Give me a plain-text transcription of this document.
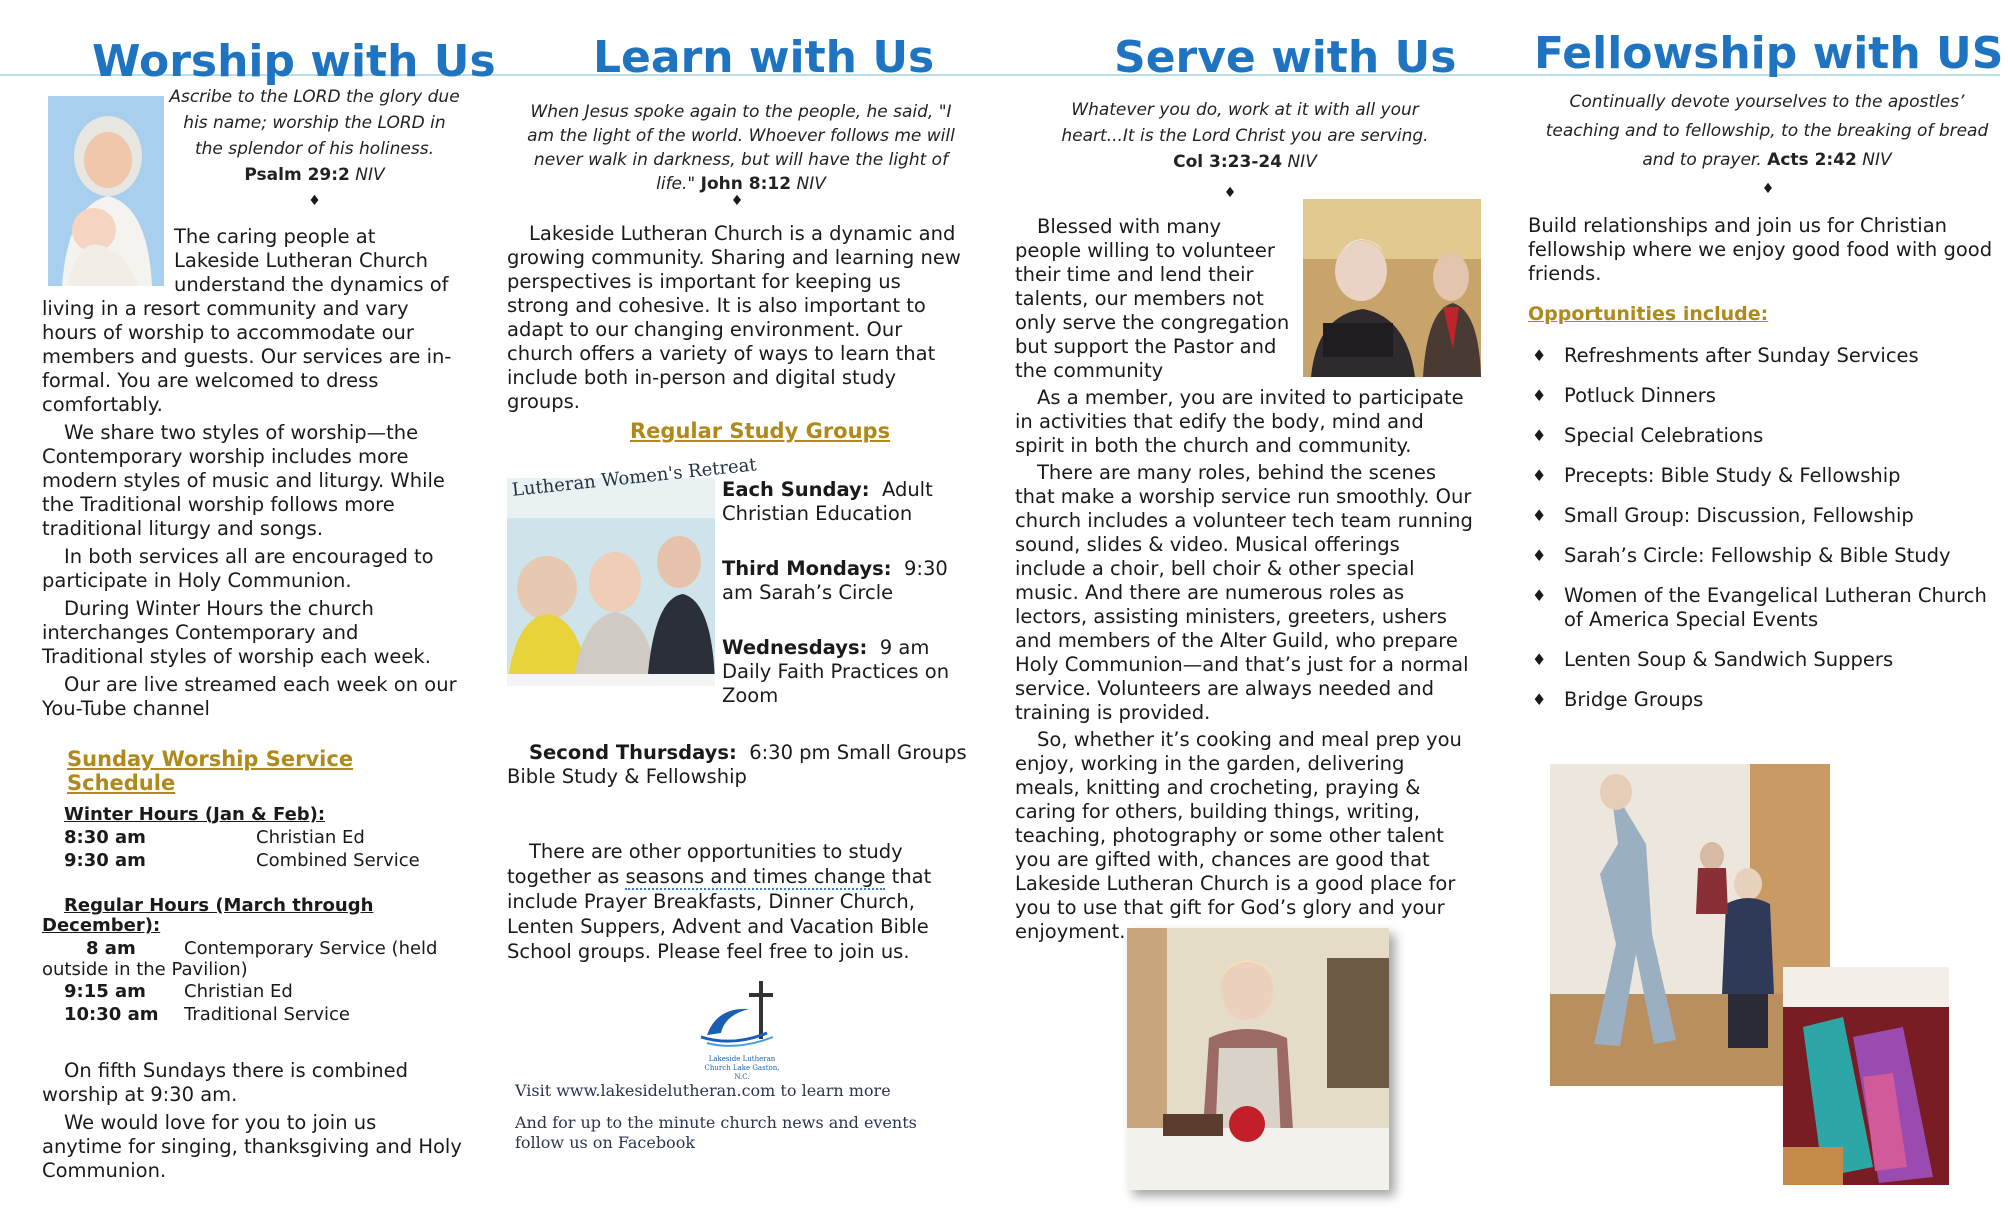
Worship with Us
Ascribe to the LORD the glory due his name; worship the LORD in the splendor of his holiness.
Psalm 29:2 NIV
♦

The caring people at Lakeside Lutheran Church understand the dynamics of living in a resort community and vary hours of worship to accommodate our members and guests. Our services are in-formal. You are welcomed to dress comfortably.

We share two styles of worship—the Contemporary worship includes more modern styles of music and liturgy. While the Traditional worship follows more traditional liturgy and songs.

In both services all are encouraged to participate in Holy Communion.

During Winter Hours the church interchanges Contemporary and Traditional styles of worship each week.

Our are live streamed each week on our You-Tube channel

Sunday Worship Service Schedule
Winter Hours (Jan & Feb):
8:30 am	Christian Ed
9:30 am	Combined Service
Regular Hours (March through December):
8 am	Contemporary Service (held outside in the Pavilion)
9:15 am	Christian Ed
10:30 am	Traditional Service

On fifth Sundays there is combined worship at 9:30 am.

We would love for you to join us anytime for singing, thanksgiving and Holy Communion.

Learn with Us
When Jesus spoke again to the people, he said, "I am the light of the world. Whoever follows me will never walk in darkness, but will have the light of life." John 8:12 NIV
♦

Lakeside Lutheran Church is a dynamic and growing community. Sharing and learning new perspectives is important for keeping us strong and cohesive. It is also important to adapt to our changing environment. Our church offers a variety of ways to learn that include both in-person and digital study groups.

Regular Study Groups
Lutheran Women's Retreat

Each Sunday: Adult Christian Education

Third Mondays: 9:30 am Sarah’s Circle

Wednesdays: 9 am Daily Faith Practices on Zoom

Second Thursdays: 6:30 pm Small Groups Bible Study & Fellowship

There are other opportunities to study together as seasons and times change that include Prayer Breakfasts, Dinner Church, Lenten Suppers, Advent and Vacation Bible School groups. Please feel free to join us.

Lakeside Lutheran Church Lake Gaston, N.C.
Visit www.lakesidelutheran.com to learn more
And for up to the minute church news and events follow us on Facebook
Serve with Us
Whatever you do, work at it with all your heart...It is the Lord Christ you are serving.
Col 3:23-24 NIV
♦

Blessed with many people willing to volunteer their time and lend their talents, our members not only serve the congregation but support the Pastor and the community

As a member, you are invited to participate in activities that edify the body, mind and spirit in both the church and community.

There are many roles, behind the scenes that make a worship service run smoothly. Our church includes a volunteer tech team running sound, slides & video. Musical offerings include a choir, bell choir & other special music. And there are numerous roles as lectors, assisting ministers, greeters, ushers and members of the Alter Guild, who prepare Holy Communion—and that’s just for a normal service. Volunteers are always needed and training is provided.

So, whether it’s cooking and meal prep you enjoy, working in the garden, delivering meals, knitting and crocheting, praying & caring for others, building things, writing, teaching, photography or some other talent you are gifted with, chances are good that Lakeside Lutheran Church is a good place for you to use that gift for God’s glory and your enjoyment.

Fellowship with US
Continually devote yourselves to the apostles’ teaching and to fellowship, to the breaking of bread and to prayer. Acts 2:42 NIV
♦

Build relationships and join us for Christian fellowship where we enjoy good food with good friends.

Opportunities include:
♦ Refreshments after Sunday Services
♦ Potluck Dinners
♦ Special Celebrations
♦ Precepts: Bible Study & Fellowship
♦ Small Group: Discussion, Fellowship
♦ Sarah’s Circle: Fellowship & Bible Study
♦ Women of the Evangelical Lutheran Church of America Special Events
♦ Lenten Soup & Sandwich Suppers
♦ Bridge Groups
